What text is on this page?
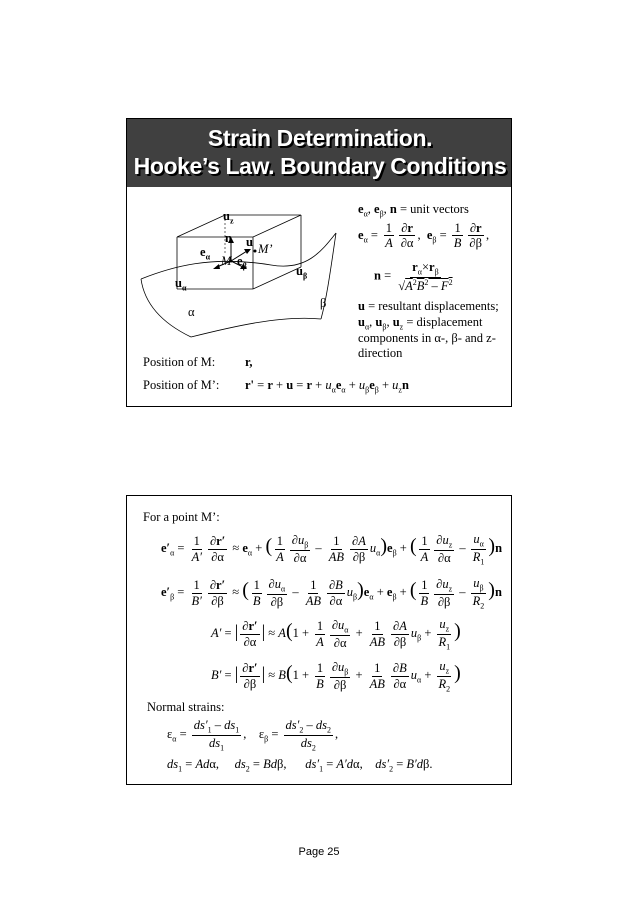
Strain Determination.
Hooke’s Law. Boundary Conditions
$u_z$
n u
$e_\alpha$ M $e_\beta$
M’
$u_\beta$
$u_\alpha$
α
β
$e_\alpha$, $e_\beta$, n = unit vectors
$e_\alpha = \frac{1}{A} \frac{\partial r}{\partial\alpha}$ ,  $e_\beta = \frac{1}{B} \frac{\partial r}{\partial\beta}$ ,
$n = \frac{r_\alpha\times r_\beta}{√A^2B^2 - F^2}$
u = resultant displacements;
$u_\alpha$, $u_\beta$, $u_z$ = displacement
components in α-, β- and z-
direction
Position of M: r,
Position of M’: $r' = r + u = r + u_\alpha e_\alpha + u_\beta e_\beta + u_zn$
For a point M’:
$e'_\alpha = \frac{1}{A'} \frac{\partial r'}{\partial\alpha} \approx e_\alpha$ + ( $\frac{1}{A} \frac{\partial u_\beta}{\partial\alpha} - \frac{1}{AB} \frac{\partial A}{\partial\beta} u_\alpha)e_\beta$ + ( $\frac{1}{A} \frac{\partial u_z}{\partial\alpha} - \frac{u_\alpha}{R_1} )n$
$e'_\beta = \frac{1}{B'} \frac{\partial r'}{\partial\beta}$ ≈ ( $\frac{1}{B} \frac{\partial u_\alpha}{\partial\beta} - \frac{1}{AB} \frac{\partial B}{\partial\alpha} u_\beta)e_\alpha + e_\beta$ + ( $\frac{1}{B} \frac{\partial u_z}{\partial\beta} - \frac{u_\beta}{R_2} )n$
A′ = | $\frac{\partial r'}{\partial\alpha}$ | ≈ $A(1 + \frac{1}{A} \frac{\partial u_\alpha}{\partial\alpha} + \frac{1}{AB} \frac{\partial A}{\partial\beta} u_\beta + \frac{u_z}{R_1}$ )
B′ = | $\frac{\partial r'}{\partial\beta}$ | ≈ $B(1 + \frac{1}{B} \frac{\partial u_\beta}{\partial\beta} + \frac{1}{AB} \frac{\partial B}{\partial\alpha} u_\alpha + \frac{u_z}{R_2}$ )
Normal strains:
$\varepsilon_\alpha = \frac{ds'_1 - ds_1}{ds_1}$ ,    $\varepsilon_\beta = \frac{ds'_2 - ds_2}{ds_2}$ ,
$ds_1 = Ad\alpha$,     $ds_2 = Bd\beta$,      $ds'_1 = A'd\alpha$,    $ds'_2 = B'd\beta$.
Page 25
